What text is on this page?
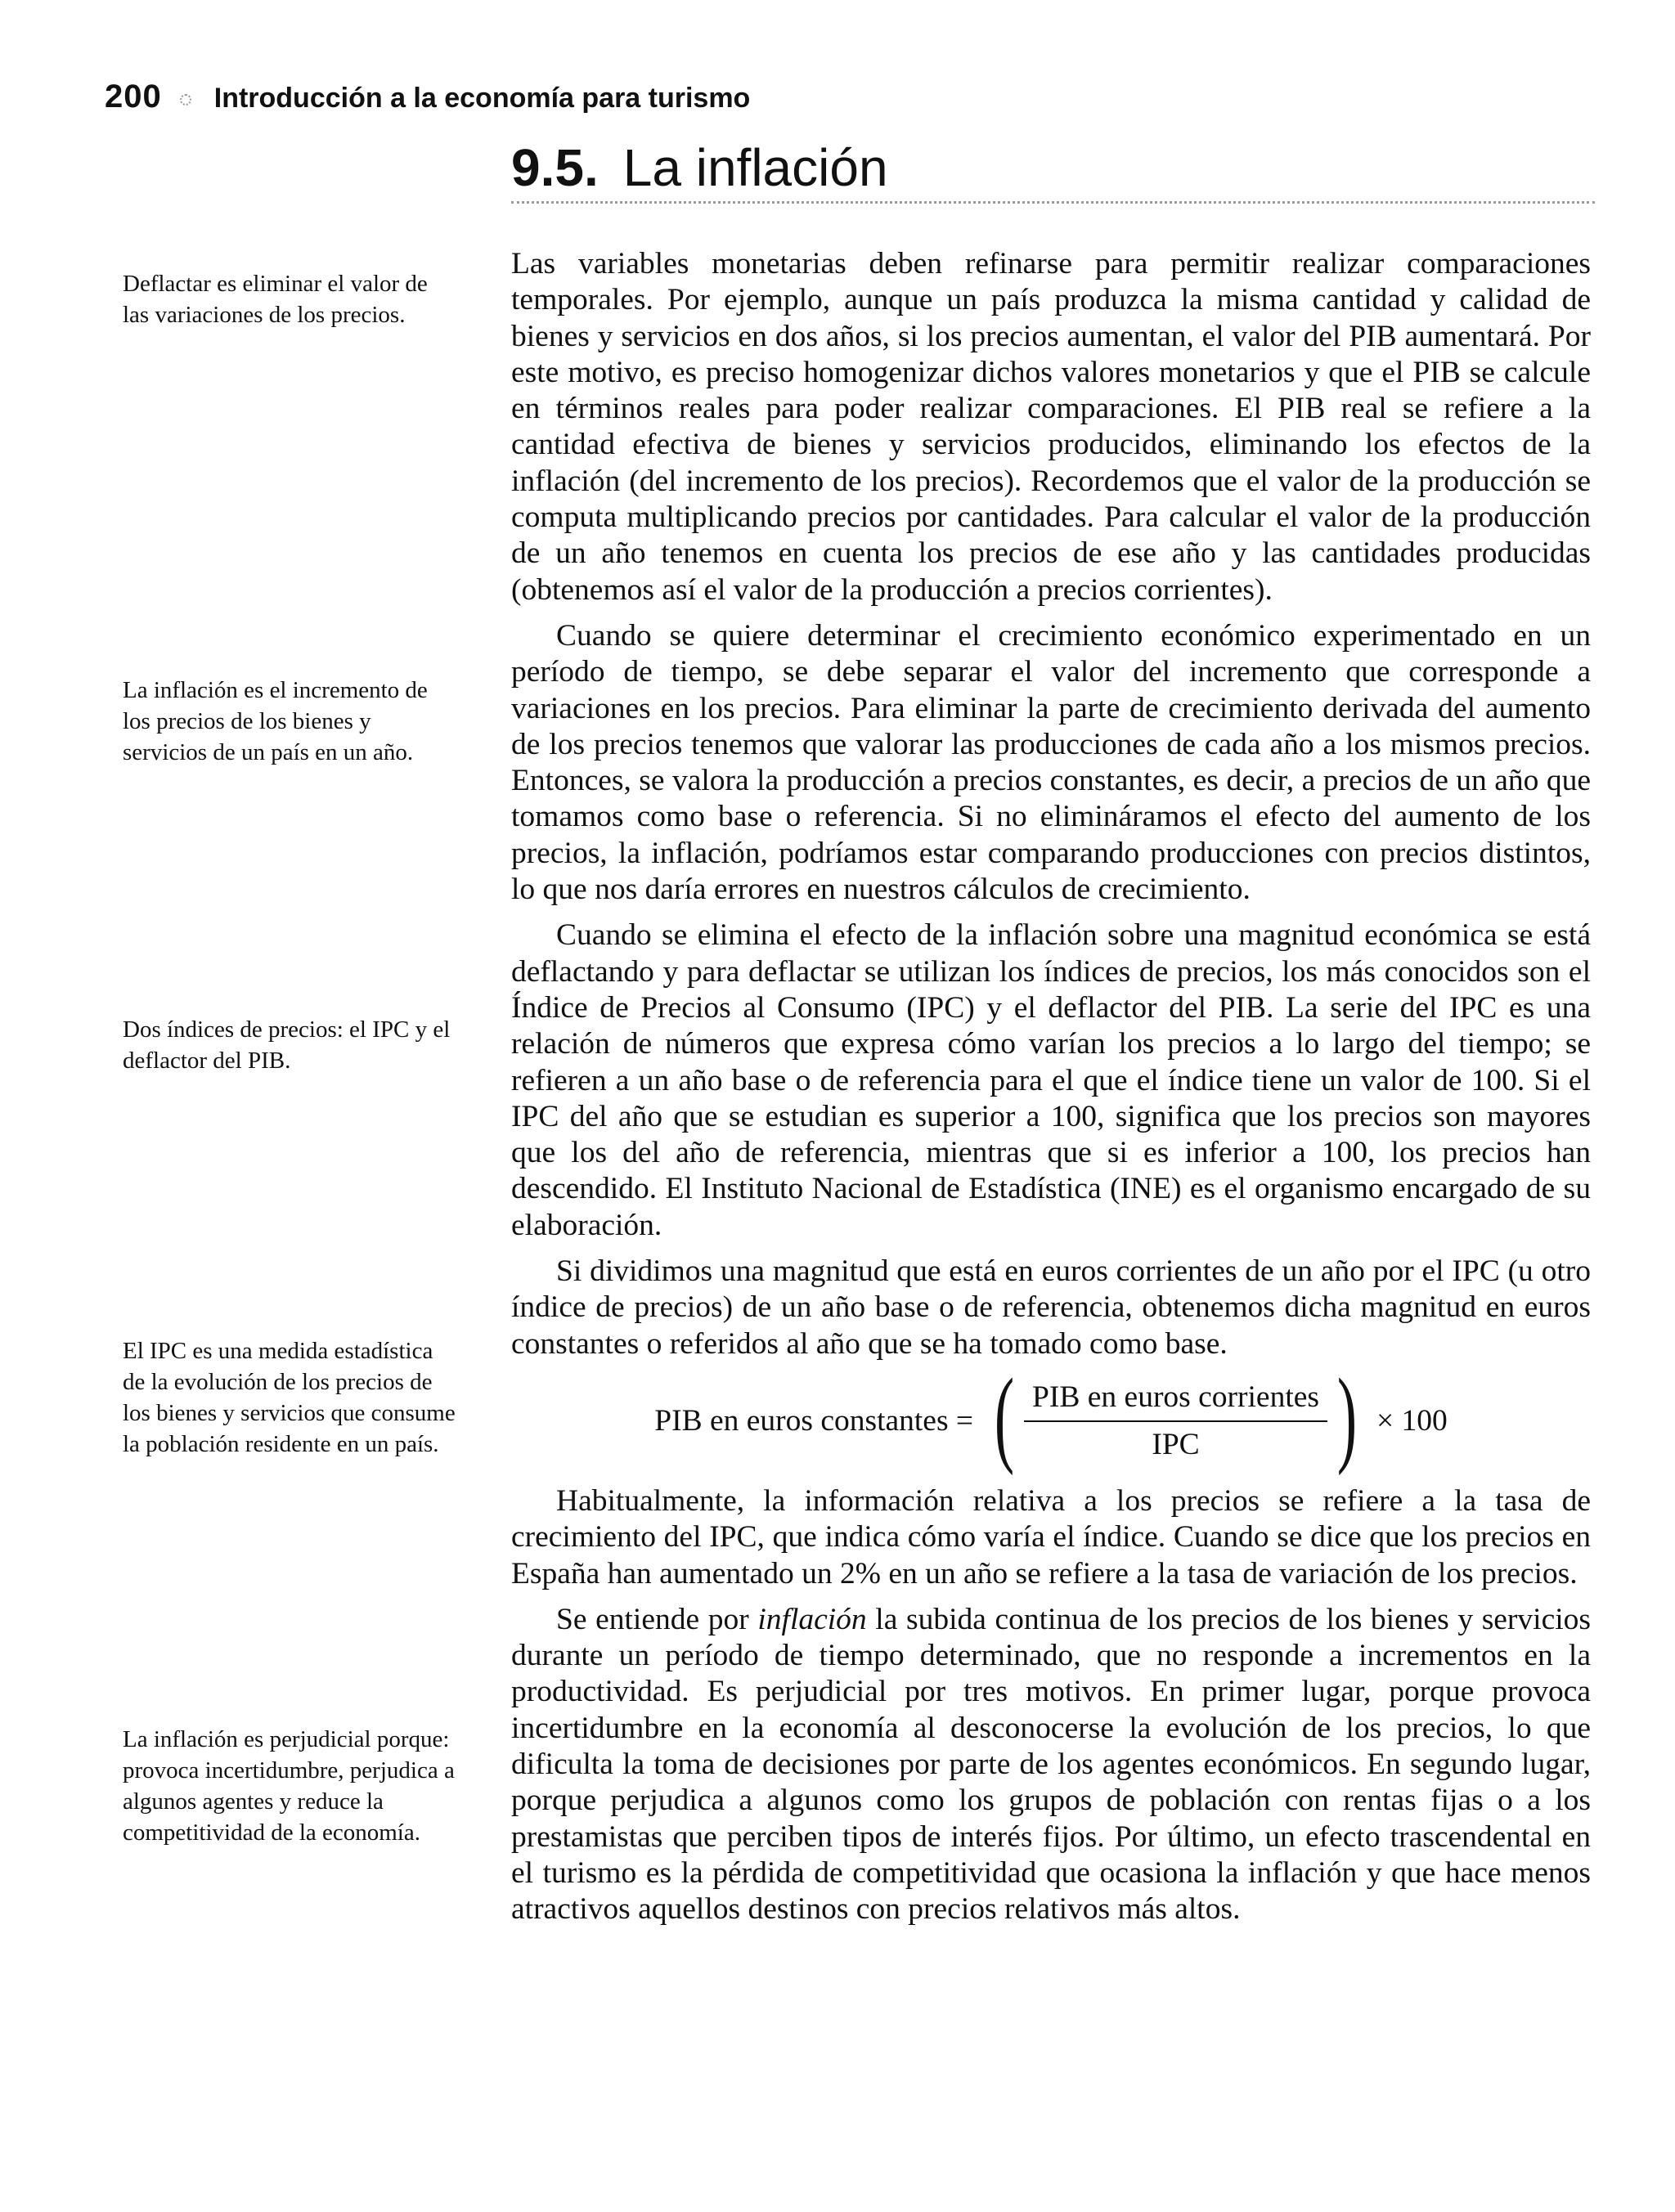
200 Introducción a la economía para turismo
9.5. La inflación
Deflactar es eliminar el valor de las variaciones de los precios.
La inflación es el incremento de los precios de los bienes y servicios de un país en un año.
Dos índices de precios: el IPC y el deflactor del PIB.
El IPC es una medida estadística de la evolución de los precios de los bienes y servicios que consume la población residente en un país.
La inflación es perjudicial porque: provoca incertidumbre, perjudica a algunos agentes y reduce la competitividad de la economía.

Las variables monetarias deben refinarse para permitir realizar comparaciones temporales. Por ejemplo, aunque un país produzca la misma cantidad y calidad de bienes y servicios en dos años, si los precios aumentan, el valor del PIB aumentará. Por este motivo, es preciso homogenizar dichos valores monetarios y que el PIB se calcule en términos reales para poder realizar comparaciones. El PIB real se refiere a la cantidad efectiva de bienes y servicios producidos, eliminando los efectos de la inflación (del incremento de los precios). Recordemos que el valor de la producción se computa multiplicando precios por cantidades. Para calcular el valor de la producción de un año tenemos en cuenta los precios de ese año y las cantidades producidas (obtenemos así el valor de la producción a precios corrientes).

Cuando se quiere determinar el crecimiento económico experimentado en un período de tiempo, se debe separar el valor del incremento que corresponde a variaciones en los precios. Para eliminar la parte de crecimiento derivada del aumento de los precios tenemos que valorar las producciones de cada año a los mismos precios. Entonces, se valora la producción a precios constantes, es decir, a precios de un año que tomamos como base o referencia. Si no elimináramos el efecto del aumento de los precios, la inflación, podríamos estar comparando producciones con precios distintos, lo que nos daría errores en nuestros cálculos de crecimiento.

Cuando se elimina el efecto de la inflación sobre una magnitud económica se está deflactando y para deflactar se utilizan los índices de precios, los más conocidos son el Índice de Precios al Consumo (IPC) y el deflactor del PIB. La serie del IPC es una relación de números que expresa cómo varían los precios a lo largo del tiempo; se refieren a un año base o de referencia para el que el índice tiene un valor de 100. Si el IPC del año que se estudian es superior a 100, significa que los precios son mayores que los del año de referencia, mientras que si es inferior a 100, los precios han descendido. El Instituto Nacional de Estadística (INE) es el organismo encargado de su elaboración.

Si dividimos una magnitud que está en euros corrientes de un año por el IPC (u otro índice de precios) de un año base o de referencia, obtenemos dicha magnitud en euros constantes o referidos al año que se ha tomado como base.

PIB en euros constantes = ( $\frac{\text{PIB en euros corrientes}}{\text{IPC}}$ ) × 100

Habitualmente, la información relativa a los precios se refiere a la tasa de crecimiento del IPC, que indica cómo varía el índice. Cuando se dice que los precios en España han aumentado un 2% en un año se refiere a la tasa de variación de los precios.

Se entiende por inflación la subida continua de los precios de los bienes y servicios durante un período de tiempo determinado, que no responde a incrementos en la productividad. Es perjudicial por tres motivos. En primer lugar, porque provoca incertidumbre en la economía al desconocerse la evolución de los precios, lo que dificulta la toma de decisiones por parte de los agentes económicos. En segundo lugar, porque perjudica a algunos como los grupos de población con rentas fijas o a los prestamistas que perciben tipos de interés fijos. Por último, un efecto trascendental en el turismo es la pérdida de competitividad que ocasiona la inflación y que hace menos atractivos aquellos destinos con precios relativos más altos.
